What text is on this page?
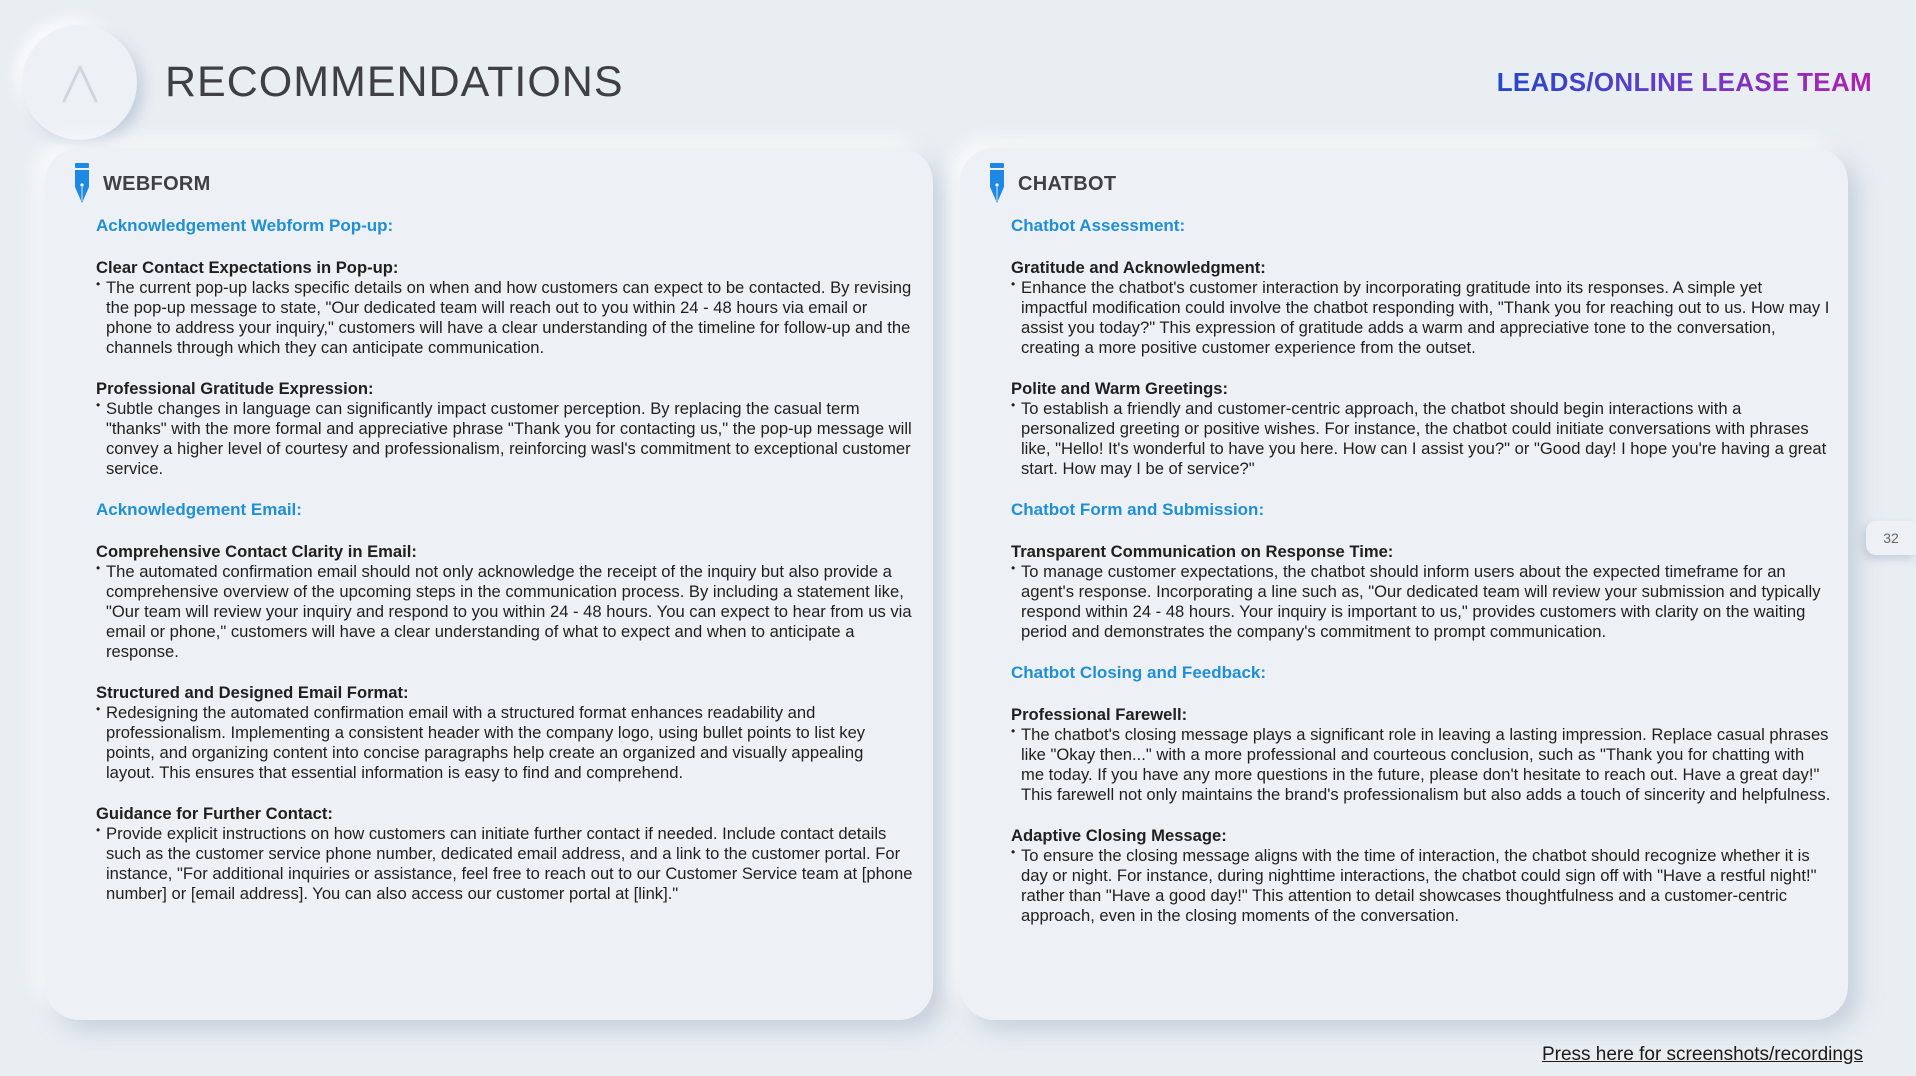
RECOMMENDATIONS	LEADS/ONLINE LEASE TEAM
WEBFORM
Acknowledgement Webform Pop-up:
Clear Contact Expectations in Pop-up:
• The current pop-up lacks specific details on when and how customers can expect to be contacted. By revising the pop-up message to state, "Our dedicated team will reach out to you within 24 - 48 hours via email or phone to address your inquiry," customers will have a clear understanding of the timeline for follow-up and the channels through which they can anticipate communication.
Professional Gratitude Expression:
• Subtle changes in language can significantly impact customer perception. By replacing the casual term "thanks" with the more formal and appreciative phrase "Thank you for contacting us," the pop-up message will convey a higher level of courtesy and professionalism, reinforcing wasl's commitment to exceptional customer service.
Acknowledgement Email:
Comprehensive Contact Clarity in Email:
• The automated confirmation email should not only acknowledge the receipt of the inquiry but also provide a comprehensive overview of the upcoming steps in the communication process. By including a statement like, "Our team will review your inquiry and respond to you within 24 - 48 hours. You can expect to hear from us via email or phone," customers will have a clear understanding of what to expect and when to anticipate a response.
Structured and Designed Email Format:
• Redesigning the automated confirmation email with a structured format enhances readability and professionalism. Implementing a consistent header with the company logo, using bullet points to list key points, and organizing content into concise paragraphs help create an organized and visually appealing layout. This ensures that essential information is easy to find and comprehend.
Guidance for Further Contact:
• Provide explicit instructions on how customers can initiate further contact if needed. Include contact details such as the customer service phone number, dedicated email address, and a link to the customer portal. For instance, "For additional inquiries or assistance, feel free to reach out to our Customer Service team at [phone number] or [email address]. You can also access our customer portal at [link]."
CHATBOT
Chatbot Assessment:
Gratitude and Acknowledgment:
• Enhance the chatbot's customer interaction by incorporating gratitude into its responses. A simple yet impactful modification could involve the chatbot responding with, "Thank you for reaching out to us. How may I assist you today?" This expression of gratitude adds a warm and appreciative tone to the conversation, creating a more positive customer experience from the outset.
Polite and Warm Greetings:
• To establish a friendly and customer-centric approach, the chatbot should begin interactions with a personalized greeting or positive wishes. For instance, the chatbot could initiate conversations with phrases like, "Hello! It's wonderful to have you here. How can I assist you?" or "Good day! I hope you're having a great start. How may I be of service?"
Chatbot Form and Submission:
Transparent Communication on Response Time:
• To manage customer expectations, the chatbot should inform users about the expected timeframe for an agent's response. Incorporating a line such as, "Our dedicated team will review your submission and typically respond within 24 - 48 hours. Your inquiry is important to us," provides customers with clarity on the waiting period and demonstrates the company's commitment to prompt communication.
Chatbot Closing and Feedback:
Professional Farewell:
• The chatbot's closing message plays a significant role in leaving a lasting impression. Replace casual phrases like "Okay then..." with a more professional and courteous conclusion, such as "Thank you for chatting with me today. If you have any more questions in the future, please don't hesitate to reach out. Have a great day!" This farewell not only maintains the brand's professionalism but also adds a touch of sincerity and helpfulness.
Adaptive Closing Message:
• To ensure the closing message aligns with the time of interaction, the chatbot should recognize whether it is day or night. For instance, during nighttime interactions, the chatbot could sign off with "Have a restful night!" rather than "Have a good day!" This attention to detail showcases thoughtfulness and a customer-centric approach, even in the closing moments of the conversation.
32
Press here for screenshots/recordings
